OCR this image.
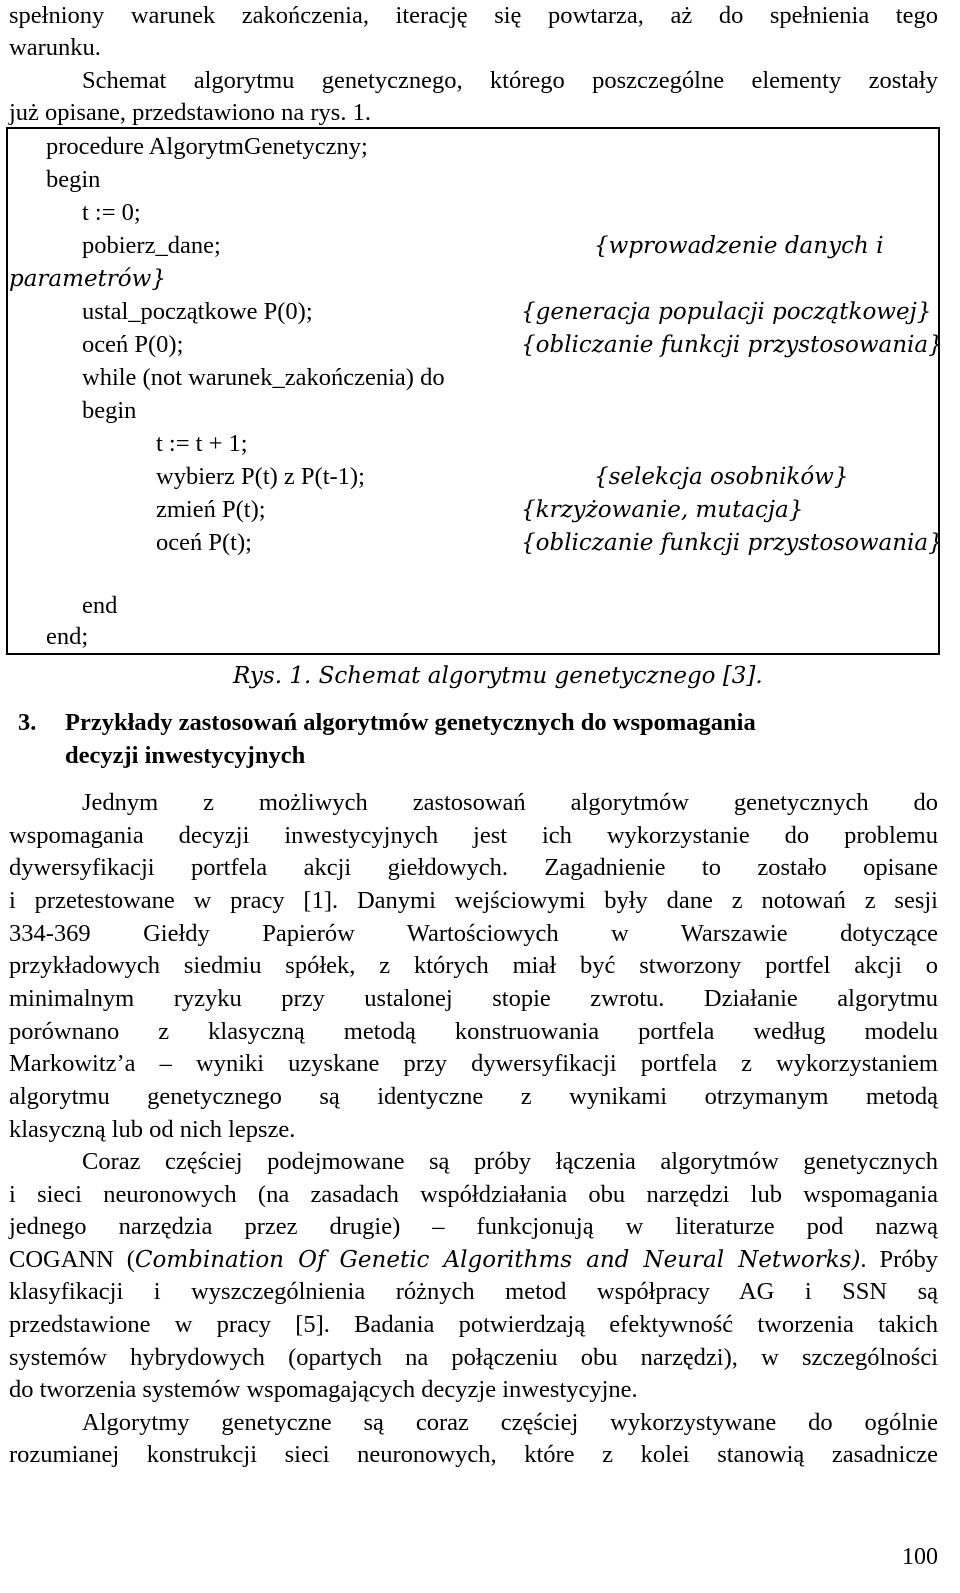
spełniony warunek zakończenia, iterację się powtarza, aż do spełnienia tego
warunku.
Schemat algorytmu genetycznego, którego poszczególne elementy zostały
już opisane, przedstawiono na rys. 1.
procedure AlgorytmGenetyczny;
begin
t := 0;
pobierz_dane;	{wprowadzenie danych i
parametrów}
ustal_początkowe P(0);	{generacja populacji początkowej}
oceń P(0);	{obliczanie funkcji przystosowania}
while (not warunek_zakończenia) do
begin
t := t + 1;
wybierz P(t) z P(t-1);	{selekcja osobników}
zmień P(t);	{krzyżowanie, mutacja}
oceń P(t);	{obliczanie funkcji przystosowania}
end
end;
Rys. 1. Schemat algorytmu genetycznego [3].
3. Przykłady zastosowań algorytmów genetycznych do wspomagania
decyzji inwestycyjnych
Jednym z możliwych zastosowań algorytmów genetycznych do
wspomagania decyzji inwestycyjnych jest ich wykorzystanie do problemu
dywersyfikacji portfela akcji giełdowych. Zagadnienie to zostało opisane
i przetestowane w pracy [1]. Danymi wejściowymi były dane z notowań z sesji
334-369 Giełdy Papierów Wartościowych w Warszawie dotyczące
przykładowych siedmiu spółek, z których miał być stworzony portfel akcji o
minimalnym ryzyku przy ustalonej stopie zwrotu. Działanie algorytmu
porównano z klasyczną metodą konstruowania portfela według modelu
Markowitz’a – wyniki uzyskane przy dywersyfikacji portfela z wykorzystaniem
algorytmu genetycznego są identyczne z wynikami otrzymanym metodą
klasyczną lub od nich lepsze.
Coraz częściej podejmowane są próby łączenia algorytmów genetycznych
i sieci neuronowych (na zasadach współdziałania obu narzędzi lub wspomagania
jednego narzędzia przez drugie) – funkcjonują w literaturze pod nazwą
COGANN (Combination Of Genetic Algorithms and Neural Networks). Próby
klasyfikacji i wyszczególnienia różnych metod współpracy AG i SSN są
przedstawione w pracy [5]. Badania potwierdzają efektywność tworzenia takich
systemów hybrydowych (opartych na połączeniu obu narzędzi), w szczególności
do tworzenia systemów wspomagających decyzje inwestycyjne.
Algorytmy genetyczne są coraz częściej wykorzystywane do ogólnie
rozumianej konstrukcji sieci neuronowych, które z kolei stanowią zasadnicze
100
